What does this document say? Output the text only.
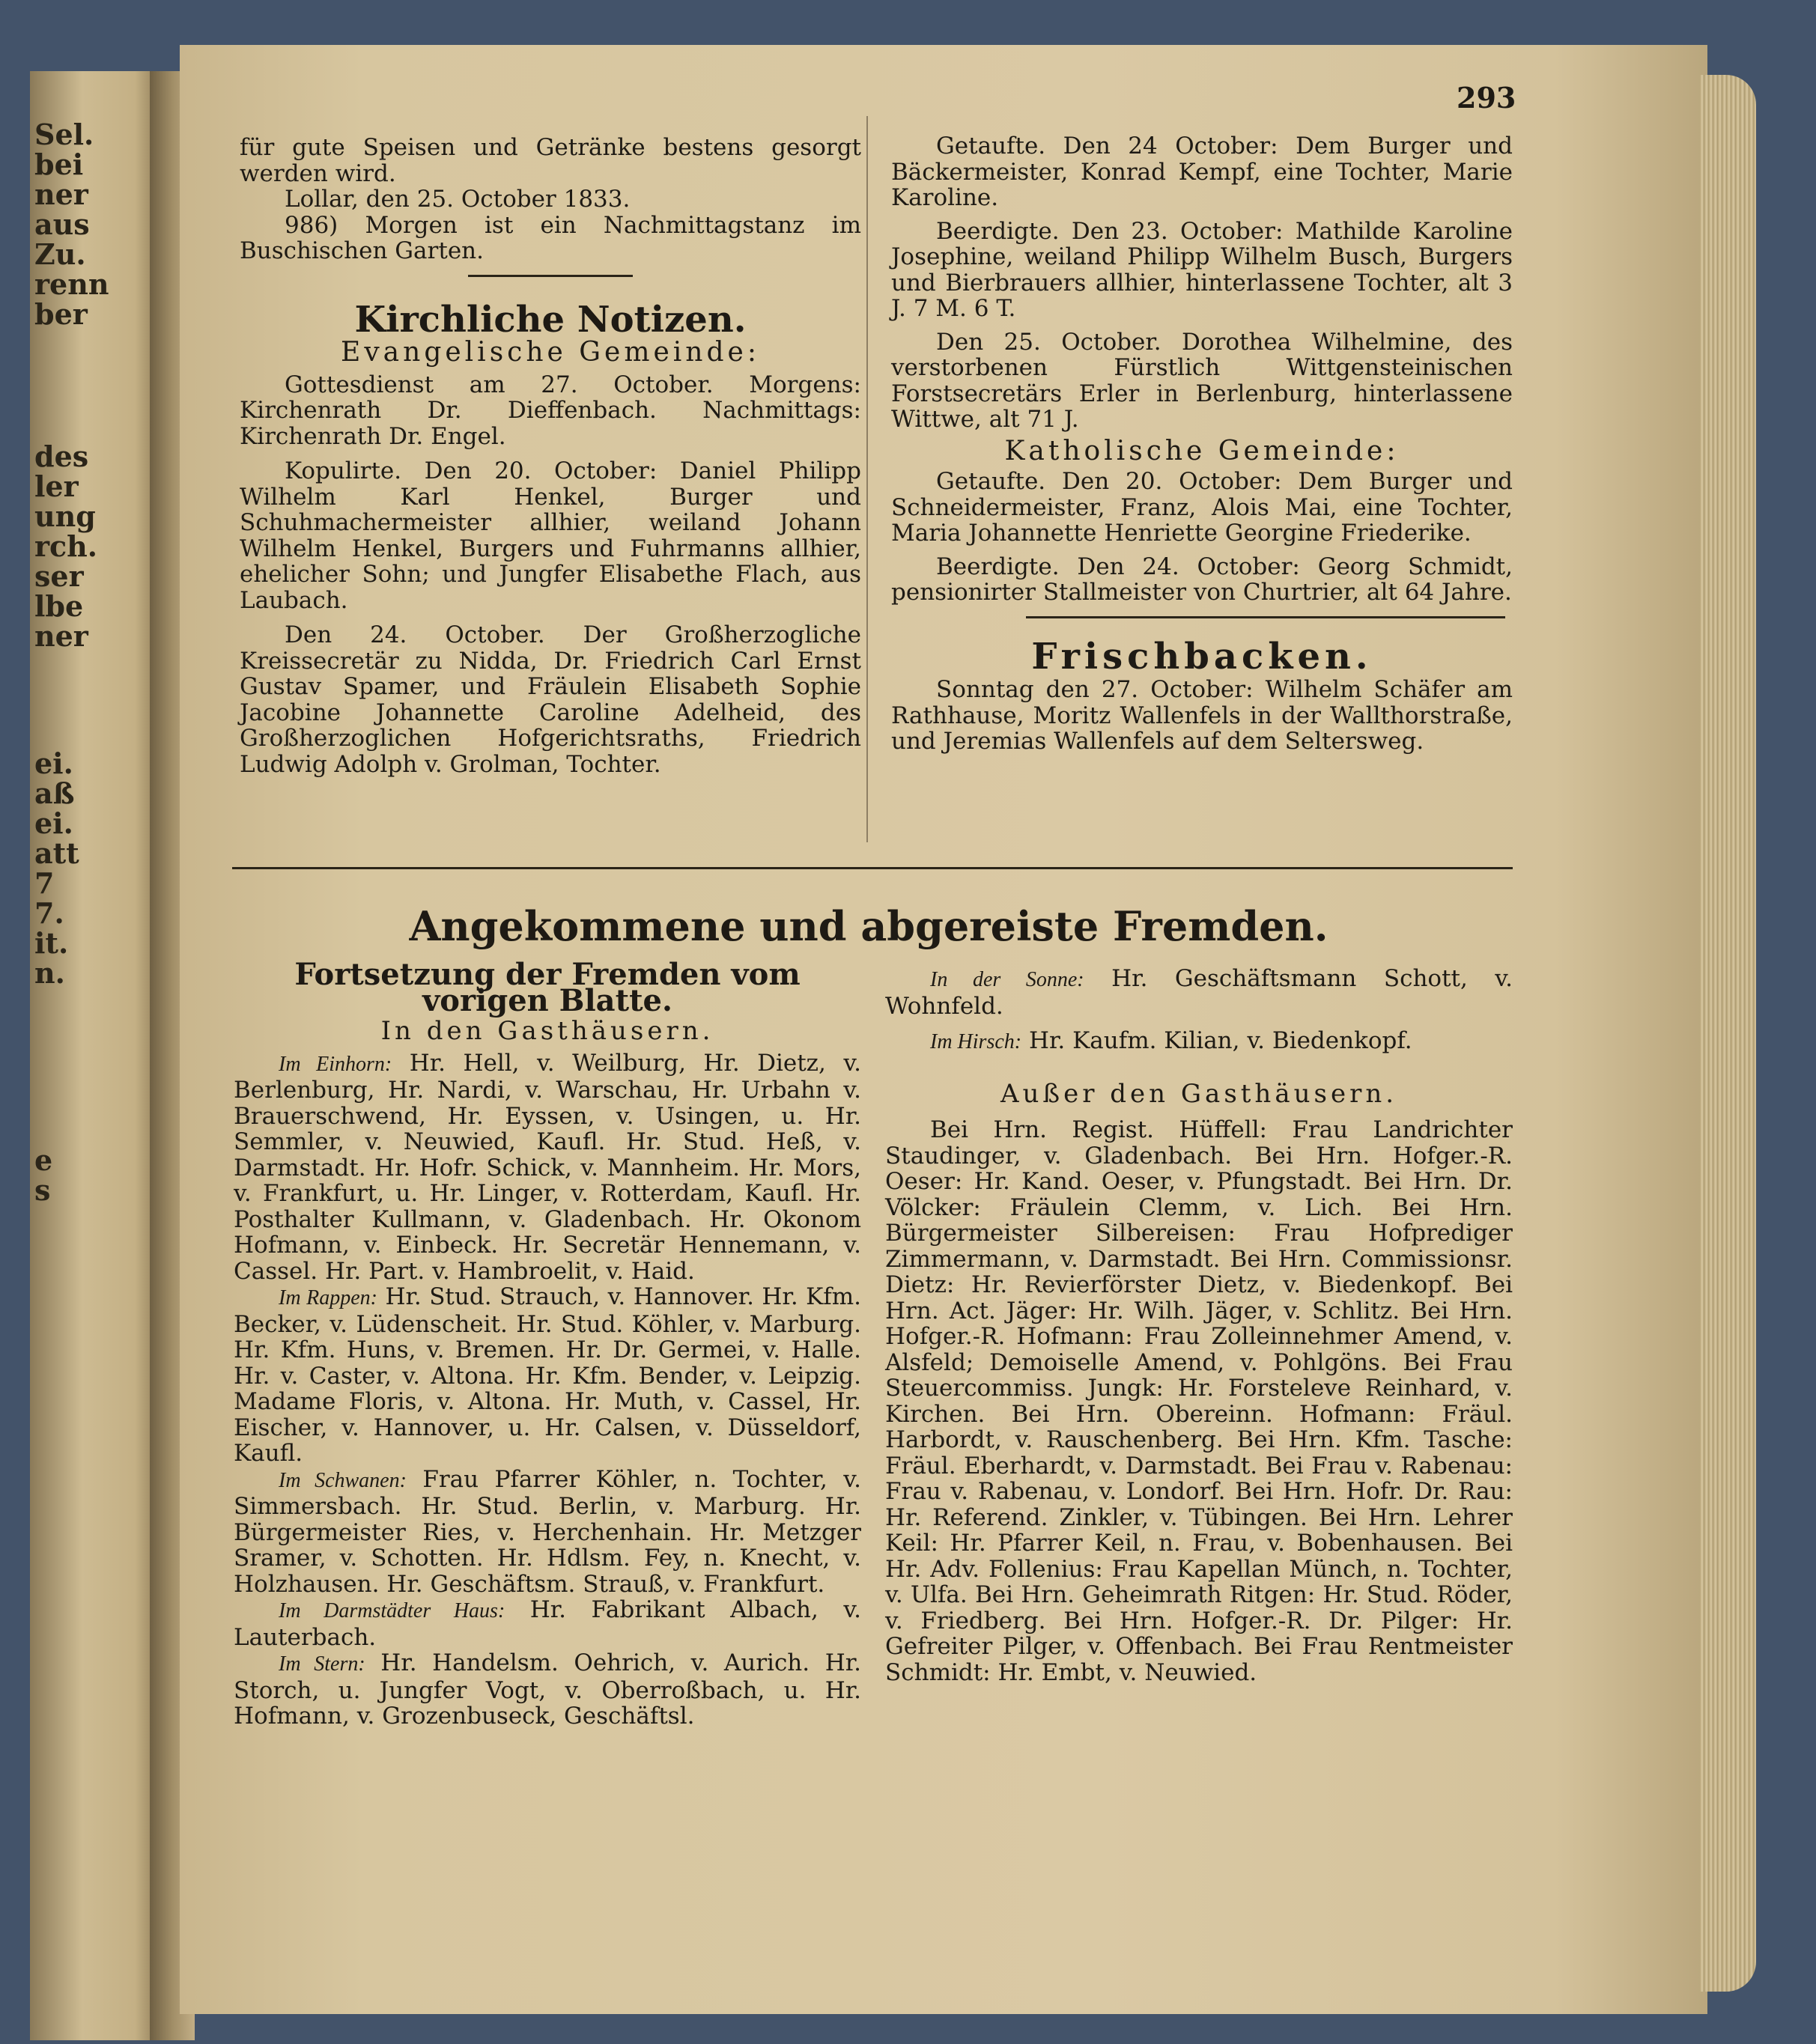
Sel.
bei
ner
aus
Zu.
renn
ber
des
ler
ung
rch.
ser
lbe
ner
ei.
aß
ei.
att
7
7.
it.
n.
e
s
293

für gute Speisen und Getränke bestens gesorgt werden wird.

Lollar, den 25. October 1833.

986) Morgen ist ein Nachmittagstanz im Buschischen Garten.

Kirchliche Notizen.

Evangelische Gemeinde:

Gottesdienst am 27. October. Morgens: Kirchenrath Dr. Dieffenbach. Nachmittags: Kirchenrath Dr. Engel.

Kopulirte. Den 20. October: Daniel Philipp Wilhelm Karl Henkel, Burger und Schuhmachermeister allhier, weiland Johann Wilhelm Henkel, Burgers und Fuhrmanns allhier, ehelicher Sohn; und Jungfer Elisabethe Flach, aus Laubach.

Den 24. October. Der Großherzogliche Kreissecretär zu Nidda, Dr. Friedrich Carl Ernst Gustav Spamer, und Fräulein Elisabeth Sophie Jacobine Johannette Caroline Adelheid, des Großherzoglichen Hofgerichtsraths, Friedrich Ludwig Adolph v. Grolman, Tochter.

Getaufte. Den 24 October: Dem Burger und Bäckermeister, Konrad Kempf, eine Tochter, Marie Karoline.

Beerdigte. Den 23. October: Mathilde Karoline Josephine, weiland Philipp Wilhelm Busch, Burgers und Bierbrauers allhier, hinterlassene Tochter, alt 3 J. 7 M. 6 T.

Den 25. October. Dorothea Wilhelmine, des verstorbenen Fürstlich Wittgensteinischen Forstsecretärs Erler in Berlenburg, hinterlassene Wittwe, alt 71 J.

Katholische Gemeinde:

Getaufte. Den 20. October: Dem Burger und Schneidermeister, Franz, Alois Mai, eine Tochter, Maria Johannette Henriette Georgine Friederike.

Beerdigte. Den 24. October: Georg Schmidt, pensionirter Stallmeister von Churtrier, alt 64 Jahre.

Frischbacken.

Sonntag den 27. October: Wilhelm Schäfer am Rathhause, Moritz Wallenfels in der Wallthorstraße, und Jeremias Wallenfels auf dem Seltersweg.

Angekommene und abgereiste Fremden.

Fortsetzung der Fremden vom vorigen Blatte.

In den Gasthäusern.

Im Einhorn: Hr. Hell, v. Weilburg, Hr. Dietz, v. Berlenburg, Hr. Nardi, v. Warschau, Hr. Urbahn v. Brauerschwend, Hr. Eyssen, v. Usingen, u. Hr. Semmler, v. Neuwied, Kaufl. Hr. Stud. Heß, v. Darmstadt. Hr. Hofr. Schick, v. Mannheim. Hr. Mors, v. Frankfurt, u. Hr. Linger, v. Rotterdam, Kaufl. Hr. Posthalter Kullmann, v. Gladenbach. Hr. Okonom Hofmann, v. Einbeck. Hr. Secretär Hennemann, v. Cassel. Hr. Part. v. Hambroelit, v. Haid.

Im Rappen: Hr. Stud. Strauch, v. Hannover. Hr. Kfm. Becker, v. Lüdenscheit. Hr. Stud. Köhler, v. Marburg. Hr. Kfm. Huns, v. Bremen. Hr. Dr. Germei, v. Halle. Hr. v. Caster, v. Altona. Hr. Kfm. Bender, v. Leipzig. Madame Floris, v. Altona. Hr. Muth, v. Cassel, Hr. Eischer, v. Hannover, u. Hr. Calsen, v. Düsseldorf, Kaufl.

Im Schwanen: Frau Pfarrer Köhler, n. Tochter, v. Simmersbach. Hr. Stud. Berlin, v. Marburg. Hr. Bürgermeister Ries, v. Herchenhain. Hr. Metzger Sramer, v. Schotten. Hr. Hdlsm. Fey, n. Knecht, v. Holzhausen. Hr. Geschäftsm. Strauß, v. Frankfurt.

Im Darmstädter Haus: Hr. Fabrikant Albach, v. Lauterbach.

Im Stern: Hr. Handelsm. Oehrich, v. Aurich. Hr. Storch, u. Jungfer Vogt, v. Oberroßbach, u. Hr. Hofmann, v. Grozenbuseck, Geschäftsl.

In der Sonne: Hr. Geschäftsmann Schott, v. Wohnfeld.

Im Hirsch: Hr. Kaufm. Kilian, v. Biedenkopf.

Außer den Gasthäusern.

Bei Hrn. Regist. Hüffell: Frau Landrichter Staudinger, v. Gladenbach. Bei Hrn. Hofger.-R. Oeser: Hr. Kand. Oeser, v. Pfungstadt. Bei Hrn. Dr. Völcker: Fräulein Clemm, v. Lich. Bei Hrn. Bürgermeister Silbereisen: Frau Hofprediger Zimmermann, v. Darmstadt. Bei Hrn. Commissionsr. Dietz: Hr. Revierförster Dietz, v. Biedenkopf. Bei Hrn. Act. Jäger: Hr. Wilh. Jäger, v. Schlitz. Bei Hrn. Hofger.-R. Hofmann: Frau Zolleinnehmer Amend, v. Alsfeld; Demoiselle Amend, v. Pohlgöns. Bei Frau Steuercommiss. Jungk: Hr. Forsteleve Reinhard, v. Kirchen. Bei Hrn. Obereinn. Hofmann: Fräul. Harbordt, v. Rauschenberg. Bei Hrn. Kfm. Tasche: Fräul. Eberhardt, v. Darmstadt. Bei Frau v. Rabenau: Frau v. Rabenau, v. Londorf. Bei Hrn. Hofr. Dr. Rau: Hr. Referend. Zinkler, v. Tübingen. Bei Hrn. Lehrer Keil: Hr. Pfarrer Keil, n. Frau, v. Bobenhausen. Bei Hr. Adv. Follenius: Frau Kapellan Münch, n. Tochter, v. Ulfa. Bei Hrn. Geheimrath Ritgen: Hr. Stud. Röder, v. Friedberg. Bei Hrn. Hofger.-R. Dr. Pilger: Hr. Gefreiter Pilger, v. Offenbach. Bei Frau Rentmeister Schmidt: Hr. Embt, v. Neuwied.
